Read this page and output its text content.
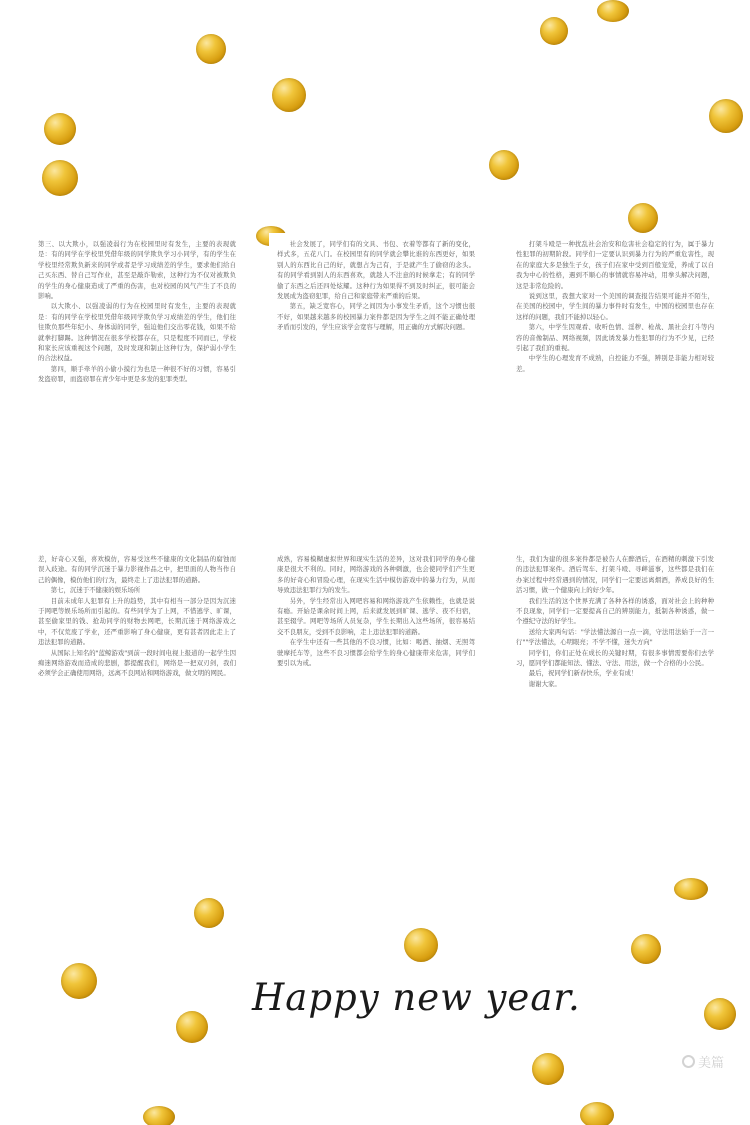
第三、以大欺小，以强凌弱行为在校园里时有发生，主要的表现就是：有的同学在学校里凭借年级的同学欺负学习小同学，有的学生在学校里经常欺负新来的同学或者是学习成绩差的学生，要求他们给自己买东西、替自己写作业，甚至是敲诈勒索，这种行为不仅对被欺负的学生的身心健康造成了严重的伤害，也对校园的风气产生了不良的影响。

以大欺小、以强凌弱的行为在校园里时有发生，主要的表现就是：有的同学在学校里凭借年级同学欺负学习成绩差的学生，他们往往欺负那些年纪小、身体弱的同学，强迫他们交出零花钱，如果不给就拳打脚踢。这种情况在很多学校都存在，只是程度不同而已，学校和家长应该重视这个问题，及时发现和制止这种行为，保护弱小学生的合法权益。

第四，顺手牵羊的小偷小摸行为也是一种很不好的习惯，容易引发盗窃罪，而盗窃罪在青少年中更是多发的犯罪类型。

社会发展了，同学们有的文具、书包、衣着等都有了新的变化，样式多，五花八门。在校园里有的同学就会攀比谁的东西更好，如果别人的东西比自己的好，就想占为己有，于是就产生了偷窃的念头。有的同学看到别人的东西喜欢，就趁人不注意的时候拿走；有的同学偷了东西之后还四处炫耀。这种行为如果得不到及时纠正，很可能会发展成为盗窃犯罪，给自己和家庭带来严重的后果。

第五，缺乏宽容心，同学之间因为小事发生矛盾，这个习惯也很不好，如果越来越多的校园暴力案件都是因为学生之间不能正确处理矛盾而引发的，学生应该学会宽容与理解，用正确的方式解决问题。

打架斗殴是一种扰乱社会治安和危害社会稳定的行为，属于暴力性犯罪的初期阶段。同学们一定要认识到暴力行为的严重危害性，现在的家庭大多是独生子女，孩子们在家中受到百般宠爱，养成了以自我为中心的性格，遇到不顺心的事情就容易冲动，用拳头解决问题，这是非常危险的。

说到这里，我想大家对一个美国的调查报告结果可能并不陌生，在美国的校园中，学生间的暴力事件时有发生，中国的校园里也存在这样的问题，我们不能掉以轻心。

第六，中学生因观看、收听色情、淫秽、枪战、黑社会打斗等内容的音像制品、网络视频，因此诱发暴力性犯罪的行为不少见，已经引起了我们的重视。

中学生的心理发育不成熟，自控能力不强，辨别是非能力相对较差。

差，好奇心又强，喜欢模仿，容易受这些不健康的文化制品的腐蚀而误入歧途。有的同学沉迷于暴力影视作品之中，把里面的人物当作自己的偶像，模仿他们的行为，最终走上了违法犯罪的道路。

第七，沉迷于不健康的娱乐场所

目前未成年人犯罪有上升的趋势，其中有相当一部分是因为沉迷于网吧等娱乐场所而引起的。有些同学为了上网，不惜逃学、旷课，甚至偷家里的钱、抢劫同学的财物去网吧，长期沉迷于网络游戏之中，不仅荒废了学业，还严重影响了身心健康，更有甚者因此走上了违法犯罪的道路。

从国际上知名的"蓝鲸游戏"到前一段时间电视上报道的一起学生因痴迷网络游戏而造成的悲剧，都提醒我们，网络是一把双刃剑，我们必须学会正确使用网络，远离不良网站和网络游戏，做文明的网民。

成熟，容易模糊虚拟世界和现实生活的差异，这对我们同学的身心健康是很大不利的。同时，网络游戏的各种刺激，也会使同学们产生更多的好奇心和冒险心理，在现实生活中模仿游戏中的暴力行为，从而导致违法犯罪行为的发生。

另外，学生经常出入网吧容易和网络游戏产生依赖性，也就是说有瘾。开始是课余时间上网，后来就发展到旷课、逃学、夜不归宿，甚至辍学。网吧等场所人员复杂，学生长期出入这些场所，很容易结交不良朋友，受到不良影响，走上违法犯罪的道路。

在学生中还有一些其他的不良习惯，比如：喝酒、抽烟、无照驾驶摩托车等，这些不良习惯都会给学生的身心健康带来危害，同学们要引以为戒。

生，我们为建的很多案件都是被告人在醉酒后，在酒精的刺激下引发的违法犯罪案件。酒后驾车、打架斗殴、寻衅滋事，这些都是我们在办案过程中经常遇到的情况，同学们一定要远离烟酒，养成良好的生活习惯，做一个健康向上的好少年。

我们生活的这个世界充满了各种各样的诱惑，面对社会上的种种不良现象，同学们一定要提高自己的辨别能力，抵制各种诱惑，做一个遵纪守法的好学生。

送给大家两句话："学法懂法源自一点一滴，守法用法始于一言一行""学法懂法，心明眼亮；不学不懂，迷失方向"

同学们，你们正处在成长的关键时期，有很多事情需要你们去学习，愿同学们都能知法、懂法、守法、用法，做一个合格的小公民。

最后，祝同学们新春快乐，学业有成！

谢谢大家。

Happy new year.
美篇
